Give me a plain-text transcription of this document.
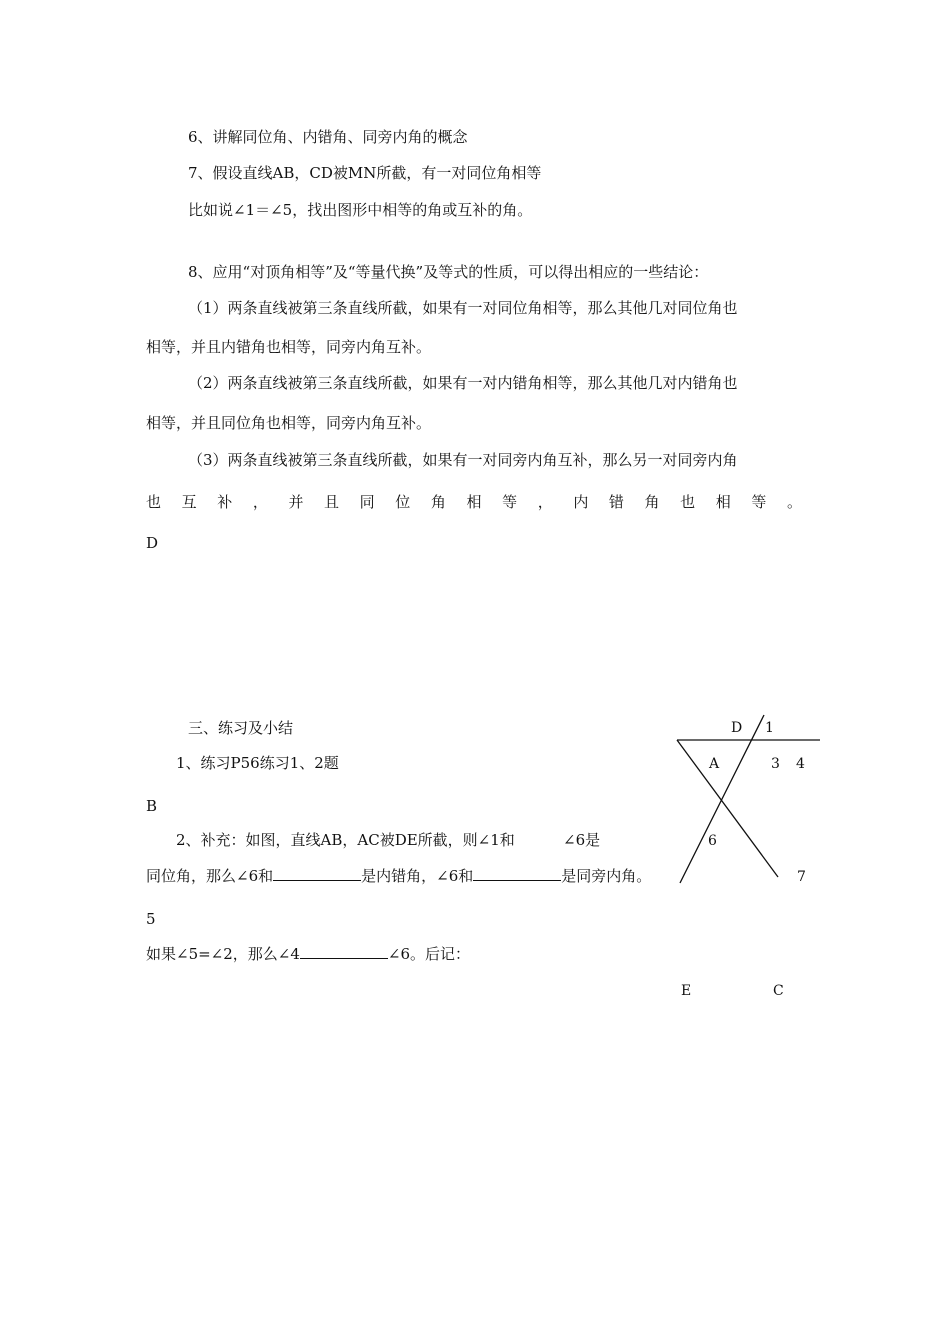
6、讲解同位角、内错角、同旁内角的概念
7、假设直线AB，CD被MN所截，有一对同位角相等
比如说∠1＝∠5，找出图形中相等的角或互补的角。
8、应用“对顶角相等”及“等量代换”及等式的性质，可以得出相应的一些结论：
（1）两条直线被第三条直线所截，如果有一对同位角相等，那么其他几对同位角也
相等，并且内错角也相等，同旁内角互补。
（2）两条直线被第三条直线所截，如果有一对内错角相等，那么其他几对内错角也
相等，并且同位角也相等，同旁内角互补。
（3）两条直线被第三条直线所截，如果有一对同旁内角互补，那么另一对同旁内角
也 互 补 ， 并 且 同 位 角 相 等 ， 内 错 角 也 相 等 。
D
三、练习及小结
1、练习P56练习1、2题
B
2、补充：如图，直线AB，AC被DE所截，则∠1和	∠6是
同位角，那么∠6和	是内错角，∠6和	是同旁内角。
5
如果∠5=∠2，那么∠4	∠6。后记：
D 1
A	3 4
6
7
E	C
